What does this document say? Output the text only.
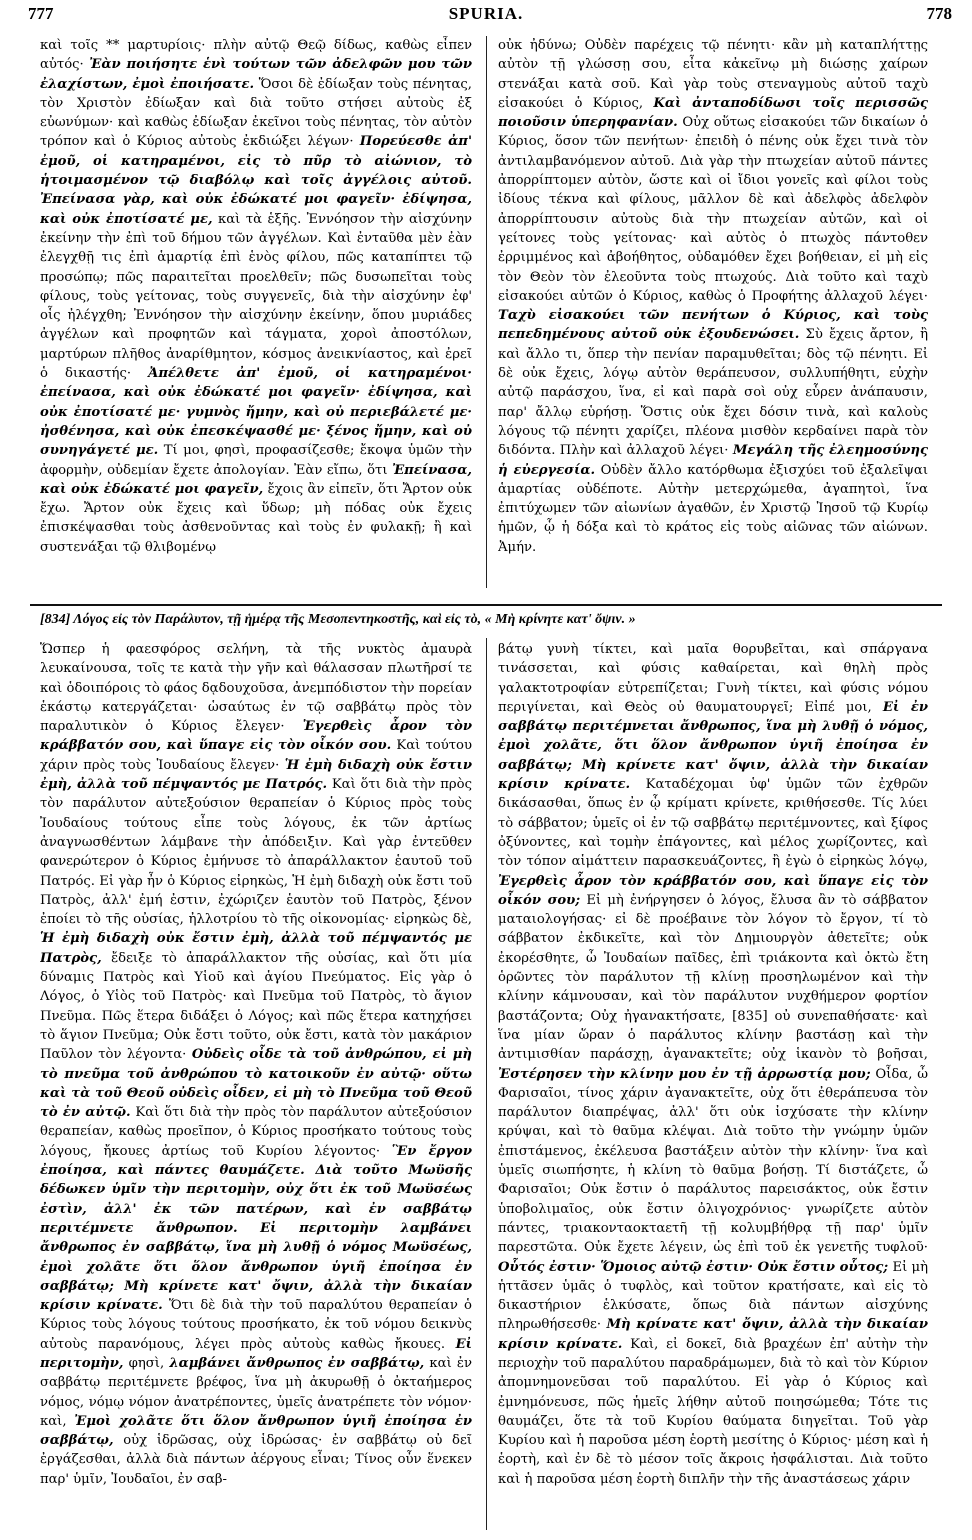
777	SPURIA.	778

καὶ τοῖς ** μαρτυρίοις· πλὴν αὐτῷ Θεῷ δίδως, καθὼς εἶπεν αὐτός· Ἐὰν ποιήσητε ἑνὶ τούτων τῶν ἀδελφῶν μου τῶν ἐλαχίστων, ἐμοὶ ἐποιήσατε. Ὅσοι δὲ ἐδίωξαν τοὺς πένητας, τὸν Χριστὸν ἐδίωξαν καὶ διὰ τοῦτο στήσει αὐτοὺς ἐξ εὐωνύμων· καὶ καθὼς ἐδίωξαν ἐκεῖνοι τοὺς πένητας, τὸν αὐτὸν τρόπον καὶ ὁ Κύριος αὐτοὺς ἐκδιώξει λέγων· Πορεύεσθε ἀπ' ἐμοῦ, οἱ κατηραμένοι, εἰς τὸ πῦρ τὸ αἰώνιον, τὸ ἡτοιμασμένον τῷ διαβόλῳ καὶ τοῖς ἀγγέλοις αὐτοῦ. Ἐπείνασα γὰρ, καὶ οὐκ ἐδώκατέ μοι φαγεῖν· ἐδίψησα, καὶ οὐκ ἐποτίσατέ με, καὶ τὰ ἑξῆς. Ἐννόησον τὴν αἰσχύνην ἐκείνην τὴν ἐπὶ τοῦ δήμου τῶν ἀγγέλων. Καὶ ἐνταῦθα μὲν ἐὰν ἐλεγχθῇ τις ἐπὶ ἁμαρτίᾳ ἐπὶ ἑνὸς φίλου, πῶς καταπίπτει τῷ προσώπῳ; πῶς παραιτεῖται προελθεῖν; πῶς δυσωπεῖται τοὺς φίλους, τοὺς γείτονας, τοὺς συγγενεῖς, διὰ τὴν αἰσχύνην ἐφ' οἷς ἠλέγχθη; Ἐννόησον τὴν αἰσχύνην ἐκείνην, ὅπου μυριάδες ἀγγέλων καὶ προφητῶν καὶ τάγματα, χοροὶ ἀποστόλων, μαρτύρων πλῆθος ἀναρίθμητον, κόσμος ἀνεικνίαστος, καὶ ἐρεῖ ὁ δικαστής· Ἀπέλθετε ἀπ' ἐμοῦ, οἱ κατηραμένοι· ἐπείνασα, καὶ οὐκ ἐδώκατέ μοι φαγεῖν· ἐδίψησα, καὶ οὐκ ἐποτίσατέ με· γυμνὸς ἤμην, καὶ οὐ περιεβάλετέ με· ἠσθένησα, καὶ οὐκ ἐπεσκέψασθέ με· ξένος ἤμην, καὶ οὐ συνηγάγετέ με. Τί μοι, φησὶ, προφασίζεσθε; ἔκοψα ὑμῶν τὴν ἀφορμὴν, οὐδεμίαν ἔχετε ἀπολογίαν. Ἐὰν εἴπω, ὅτι Ἐπείνασα, καὶ οὐκ ἐδώκατέ μοι φαγεῖν, ἔχοις ἂν εἰπεῖν, ὅτι Ἄρτον οὐκ ἔχω. Ἄρτον οὐκ ἔχεις καὶ ὕδωρ; μὴ πόδας οὐκ ἔχεις ἐπισκέψασθαι τοὺς ἀσθενοῦντας καὶ τοὺς ἐν φυλακῇ; ἢ καὶ συστενάξαι τῷ θλιβομένῳ

οὐκ ἠδύνω; Οὐδὲν παρέχεις τῷ πένητι· κἂν μὴ καταπλήττῃς αὐτὸν τῇ γλώσσῃ σου, εἶτα κἀκεῖνῳ μὴ διώσῃς χαίρων στενάξαι κατὰ σοῦ. Καὶ γὰρ τοὺς στεναγμοὺς αὐτοῦ ταχὺ εἰσακούει ὁ Κύριος, Καὶ ἀνταποδίδωσι τοῖς περισσῶς ποιοῦσιν ὑπερηφανίαν. Οὐχ οὕτως εἰσακούει τῶν δικαίων ὁ Κύριος, ὅσον τῶν πενήτων· ἐπειδὴ ὁ πένης οὐκ ἔχει τινὰ τὸν ἀντιλαμβανόμενον αὐτοῦ. Διὰ γὰρ τὴν πτωχείαν αὐτοῦ πάντες ἀπορρίπτομεν αὐτὸν, ὥστε καὶ οἱ ἴδιοι γονεῖς καὶ φίλοι τοὺς ἰδίους τέκνα καὶ φίλους, μᾶλλον δὲ καὶ ἀδελφὸς ἀδελφὸν ἀπορρίπτουσιν αὐτοὺς διὰ τὴν πτωχείαν αὐτῶν, καὶ οἱ γείτονες τοὺς γείτονας· καὶ αὐτὸς ὁ πτωχὸς πάντοθεν ἐρριμμένος καὶ ἀβοήθητος, οὐδαμόθεν ἔχει βοήθειαν, εἰ μὴ εἰς τὸν Θεὸν τὸν ἐλεοῦντα τοὺς πτωχούς. Διὰ τοῦτο καὶ ταχὺ εἰσακούει αὐτῶν ὁ Κύριος, καθὼς ὁ Προφήτης ἀλλαχοῦ λέγει· Ταχὺ εἰσακούει τῶν πενήτων ὁ Κύριος, καὶ τοὺς πεπεδημένους αὐτοῦ οὐκ ἐξουδενώσει. Σὺ ἔχεις ἄρτον, ἢ καὶ ἄλλο τι, ὅπερ τὴν πενίαν παραμυθεῖται; δὸς τῷ πένητι. Εἰ δὲ οὐκ ἔχεις, λόγῳ αὐτὸν θεράπευσον, συλλυπήθητι, εὐχὴν αὐτῷ παράσχου, ἵνα, εἰ καὶ παρὰ σοὶ οὐχ εὗρεν ἀνάπαυσιν, παρ' ἄλλῳ εὑρήσῃ. Ὅστις οὐκ ἔχει δόσιν τινὰ, καὶ καλοὺς λόγους τῷ πένητι χαρίζει, πλέονα μισθὸν κερδαίνει παρὰ τὸν διδόντα. Πλὴν καὶ ἀλλαχοῦ λέγει· Μεγάλη τῆς ἐλεημοσύνης ἡ εὐεργεσία. Οὐδὲν ἄλλο κατόρθωμα ἐξισχύει τοῦ ἐξαλεῖψαι ἁμαρτίας οὐδέποτε. Αὐτὴν μετερχώμεθα, ἀγαπητοὶ, ἵνα ἐπιτύχωμεν τῶν αἰωνίων ἀγαθῶν, ἐν Χριστῷ Ἰησοῦ τῷ Κυρίῳ ἡμῶν, ᾧ ἡ δόξα καὶ τὸ κράτος εἰς τοὺς αἰῶνας τῶν αἰώνων. Ἀμήν.

[834] Λόγος εἰς τὸν Παράλυτον, τῇ ἡμέρᾳ τῆς Μεσοπεντηκοστῆς, καὶ εἰς τὸ, « Μὴ κρίνητε κατ' ὄψιν. »

Ὥσπερ ἡ φαεσφόρος σελήνη, τὰ τῆς νυκτὸς ἀμαυρὰ λευκαίνουσα, τοῖς τε κατὰ τὴν γῆν καὶ θάλασσαν πλωτῆρσί τε καὶ ὁδοιπόροις τὸ φάος δᾳδουχοῦσα, ἀνεμπόδιστον τὴν πορείαν ἑκάστῳ κατεργάζεται· ὡσαύτως ἐν τῷ σαββάτῳ πρὸς τὸν παραλυτικὸν ὁ Κύριος ἔλεγεν· Ἐγερθεὶς ἆρον τὸν κράββατόν σου, καὶ ὕπαγε εἰς τὸν οἶκόν σου. Καὶ τούτου χάριν πρὸς τοὺς Ἰουδαίους ἔλεγεν· Ἡ ἐμὴ διδαχὴ οὐκ ἔστιν ἐμὴ, ἀλλὰ τοῦ πέμψαντός με Πατρός. Καὶ ὅτι διὰ τὴν πρὸς τὸν παράλυτον αὐτεξούσιον θεραπείαν ὁ Κύριος πρὸς τοὺς Ἰουδαίους τούτους εἶπε τοὺς λόγους, ἐκ τῶν ἀρτίως ἀναγνωσθέντων λάμβανε τὴν ἀπόδειξιν. Καὶ γὰρ ἐντεῦθεν φανερώτερον ὁ Κύριος ἐμήνυσε τὸ ἀπαράλλακτον ἑαυτοῦ τοῦ Πατρός. Εἰ γὰρ ἦν ὁ Κύριος εἰρηκὼς, Ἡ ἐμὴ διδαχὴ οὐκ ἔστι τοῦ Πατρὸς, ἀλλ' ἐμή ἐστιν, ἐχώριζεν ἑαυτὸν τοῦ Πατρὸς, ξένον ἐποίει τὸ τῆς οὐσίας, ἠλλοτρίου τὸ τῆς οἰκονομίας· εἰρηκὼς δὲ, Ἡ ἐμὴ διδαχὴ οὐκ ἔστιν ἐμὴ, ἀλλὰ τοῦ πέμψαντός με Πατρὸς, ἔδειξε τὸ ἀπαράλλακτον τῆς οὐσίας, καὶ ὅτι μία δύναμις Πατρὸς καὶ Υἱοῦ καὶ ἁγίου Πνεύματος. Εἰς γὰρ ὁ Λόγος, ὁ Υἱὸς τοῦ Πατρὸς· καὶ Πνεῦμα τοῦ Πατρὸς, τὸ ἅγιον Πνεῦμα. Πῶς ἕτερα διδάξει ὁ Λόγος; καὶ πῶς ἕτερα κατηχήσει τὸ ἅγιον Πνεῦμα; Οὐκ ἔστι τοῦτο, οὐκ ἔστι, κατὰ τὸν μακάριον Παῦλον τὸν λέγοντα· Οὐδεὶς οἶδε τὰ τοῦ ἀνθρώπου, εἰ μὴ τὸ πνεῦμα τοῦ ἀνθρώπου τὸ κατοικοῦν ἐν αὐτῷ· οὕτω καὶ τὰ τοῦ Θεοῦ οὐδεὶς οἶδεν, εἰ μὴ τὸ Πνεῦμα τοῦ Θεοῦ τὸ ἐν αὐτῷ. Καὶ ὅτι διὰ τὴν πρὸς τὸν παράλυτον αὐτεξούσιον θεραπείαν, καθὼς προεῖπον, ὁ Κύριος προσήκατο τούτους τοὺς λόγους, ἤκουες ἀρτίως τοῦ Κυρίου λέγοντος· Ἓν ἔργον ἐποίησα, καὶ πάντες θαυμάζετε. Διὰ τοῦτο Μωϋσῆς δέδωκεν ὑμῖν τὴν περιτομὴν, οὐχ ὅτι ἐκ τοῦ Μωϋσέως ἐστὶν, ἀλλ' ἐκ τῶν πατέρων, καὶ ἐν σαββάτῳ περιτέμνετε ἄνθρωπον. Εἰ περιτομὴν λαμβάνει ἄνθρωπος ἐν σαββάτῳ, ἵνα μὴ λυθῇ ὁ νόμος Μωϋσέως, ἐμοὶ χολᾶτε ὅτι ὅλον ἄνθρωπον ὑγιῆ ἐποίησα ἐν σαββάτῳ; Μὴ κρίνετε κατ' ὄψιν, ἀλλὰ τὴν δικαίαν κρίσιν κρίνατε. Ὅτι δὲ διὰ τὴν τοῦ παραλύτου θεραπείαν ὁ Κύριος τοὺς λόγους τούτους προσήκατο, ἐκ τοῦ νόμου δεικνὺς αὐτοὺς παρανόμους, λέγει πρὸς αὐτοὺς καθὼς ἤκουες. Εἰ περιτομὴν, φησὶ, λαμβάνει ἄνθρωπος ἐν σαββάτῳ, καὶ ἐν σαββάτῳ περιτέμνετε βρέφος, ἵνα μὴ ἀκυρωθῇ ὁ ὀκταήμερος νόμος, νόμῳ νόμον ἀνατρέποντες, ὑμεῖς ἀνατρέπετε τὸν νόμον· καὶ, Ἐμοὶ χολᾶτε ὅτι ὅλον ἄνθρωπον ὑγιῆ ἐποίησα ἐν σαββάτῳ, οὐχ ἱδρῶσας, οὐχ ἱδρώσας· ἐν σαββάτῳ οὐ δεῖ ἐργάζεσθαι, ἀλλὰ διὰ πάντων ἀέργους εἶναι; Τίνος οὖν ἕνεκεν παρ' ὑμῖν, Ἰουδαῖοι, ἐν σαβ-

βάτῳ γυνὴ τίκτει, καὶ μαῖα θορυβεῖται, καὶ σπάργανα τινάσσεται, καὶ φύσις καθαίρεται, καὶ θηλὴ πρὸς γαλακτοτροφίαν εὐτρεπίζεται; Γυνὴ τίκτει, καὶ φύσις νόμου περιγίνεται, καὶ Θεὸς οὐ θαυματουργεῖ; Εἰπέ μοι, Εἰ ἐν σαββάτῳ περιτέμνεται ἄνθρωπος, ἵνα μὴ λυθῇ ὁ νόμος, ἐμοὶ χολᾶτε, ὅτι ὅλον ἄνθρωπον ὑγιῆ ἐποίησα ἐν σαββάτῳ; Μὴ κρίνετε κατ' ὄψιν, ἀλλὰ τὴν δικαίαν κρίσιν κρίνατε. Καταδέχομαι ὑφ' ὑμῶν τῶν ἐχθρῶν δικάσασθαι, ὅπως ἐν ᾧ κρίματι κρίνετε, κριθήσεσθε. Τίς λύει τὸ σάββατον; ὑμεῖς οἱ ἐν τῷ σαββάτῳ περιτέμνοντες, καὶ ξίφος ὀξύνοντες, καὶ τομὴν ἐπάγοντες, καὶ μέλος χωρίζοντες, καὶ τὸν τόπον αἱμάττειν παρασκευάζοντες, ἢ ἐγὼ ὁ εἰρηκὼς λόγῳ, Ἐγερθεὶς ἆρον τὸν κράββατόν σου, καὶ ὕπαγε εἰς τὸν οἶκόν σου; Εἰ μὴ ἐνήργησεν ὁ λόγος, ἔλυσα ἂν τὸ σάββατον ματαιολογήσας· εἰ δὲ προέβαινε τὸν λόγον τὸ ἔργον, τί τὸ σάββατον ἐκδικεῖτε, καὶ τὸν Δημιουργὸν ἀθετεῖτε; οὐκ ἐκορέσθητε, ὦ Ἰουδαίων παῖδες, ἐπὶ τριάκοντα καὶ ὀκτὼ ἔτη ὁρῶντες τὸν παράλυτον τῇ κλίνῃ προσηλωμένον καὶ τὴν κλίνην κάμνουσαν, καὶ τὸν παράλυτον νυχθήμερον φορτίον βαστάζοντα; Οὐχ ἠγανακτήσατε, [835] οὐ συνεπαθήσατε· καὶ ἵνα μίαν ὥραν ὁ παράλυτος κλίνην βαστάσῃ καὶ τὴν ἀντιμισθίαν παράσχῃ, ἀγανακτεῖτε; οὐχ ἱκανὸν τὸ βοῆσαι, Ἐστέρησεν τὴν κλίνην μου ἐν τῇ ἀρρωστίᾳ μου; Οἶδα, ὦ Φαρισαῖοι, τίνος χάριν ἀγανακτεῖτε, οὐχ ὅτι ἐθεράπευσα τὸν παράλυτον διαπρέψας, ἀλλ' ὅτι οὐκ ἰσχύσατε τὴν κλίνην κρύψαι, καὶ τὸ θαῦμα κλέψαι. Διὰ τοῦτο τὴν γνώμην ὑμῶν ἐπιστάμενος, ἐκέλευσα βαστάξειν αὐτὸν τὴν κλίνην· ἵνα καὶ ὑμεῖς σιωπήσητε, ἡ κλίνη τὸ θαῦμα βοήσῃ. Τί διστάζετε, ὦ Φαρισαῖοι; Οὐκ ἔστιν ὁ παράλυτος παρεισάκτος, οὐκ ἔστιν ὑποβολιμαῖος, οὐκ ἔστιν ὀλιγοχρόνιος· γνωρίζετε αὐτὸν πάντες, τριακονταοκταετῆ τῇ κολυμβήθρᾳ τῇ παρ' ὑμῖν παρεστῶτα. Οὐκ ἔχετε λέγειν, ὡς ἐπὶ τοῦ ἐκ γενετῆς τυφλοῦ· Οὗτός ἐστιν· Ὅμοιος αὐτῷ ἐστιν· Οὐκ ἔστιν οὗτος; Εἰ μὴ ἡττᾶσεν ὑμᾶς ὁ τυφλὸς, καὶ τοῦτον κρατήσατε, καὶ εἰς τὸ δικαστήριον ἑλκύσατε, ὅπως διὰ πάντων αἰσχύνης πληρωθήσεσθε· Μὴ κρίνατε κατ' ὄψιν, ἀλλὰ τὴν δικαίαν κρίσιν κρίνατε. Καὶ, εἰ δοκεῖ, διὰ βραχέων ἐπ' αὐτὴν τὴν περιοχὴν τοῦ παραλύτου παραδράμωμεν, διὰ τὸ καὶ τὸν Κύριον ἀπομνημονεῦσαι τοῦ παραλύτου. Εἰ γὰρ ὁ Κύριος καὶ ἐμνημόνευσε, πῶς ἡμεῖς λήθην αὐτοῦ ποιησώμεθα; Τότε τις θαυμάζει, ὅτε τὰ τοῦ Κυρίου θαύματα διηγεῖται. Τοῦ γὰρ Κυρίου καὶ ἡ παροῦσα μέση ἑορτὴ μεσίτης ὁ Κύριος· μέση καὶ ἡ ἑορτὴ, καὶ ἐν δὲ τὸ μέσον τοῖς ἄκροις ἠσφάλισται. Διὰ τοῦτο καὶ ἡ παροῦσα μέση ἑορτὴ διπλῆν τὴν τῆς ἀναστάσεως χάριν
